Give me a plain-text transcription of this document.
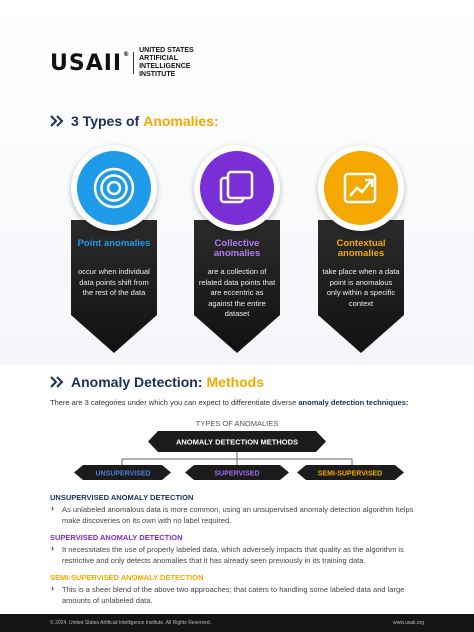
USAII® UNITED STATES ARTIFICIAL INTELLIGENCE INSTITUTE
3 Types of Anomalies:
Point anomalies
occur when individual data points shift from the rest of the data
Collective anomalies
are a collection of related data points that are eccentric as against the entire dataset
Contextual anomalies
take place when a data point is anomalous only within a specific context
Anomaly Detection: Methods
There are 3 categories under which you can expect to differentiate diverse anomaly detection techniques:
TYPES OF ANOMALIES
ANOMALY DETECTION METHODS
UNSUPERVISED	SUPERVISED	SEMI-SUPERVISED
UNSUPERVISED ANOMALY DETECTION
› As unlabeled anomalous data is more common, using an unsupervised anomaly detection algorithm helps make discoveries on its own with no label required.
SUPERVISED ANOMALY DETECTION
› It necessitates the use of properly labeled data, which adversely impacts that quality as the algorithm is restrictive and only detects anomalies that it has already seen previously in its training data.
SEMI-SUPERVISED ANOMALY DETECTION
› This is a sheer blend of the above two approaches; that caters to handling some labeled data and large amounts of unlabeled data.
© 2024. United States Artificial Intelligence Institute. All Rights Reserved.	www.usaii.org
